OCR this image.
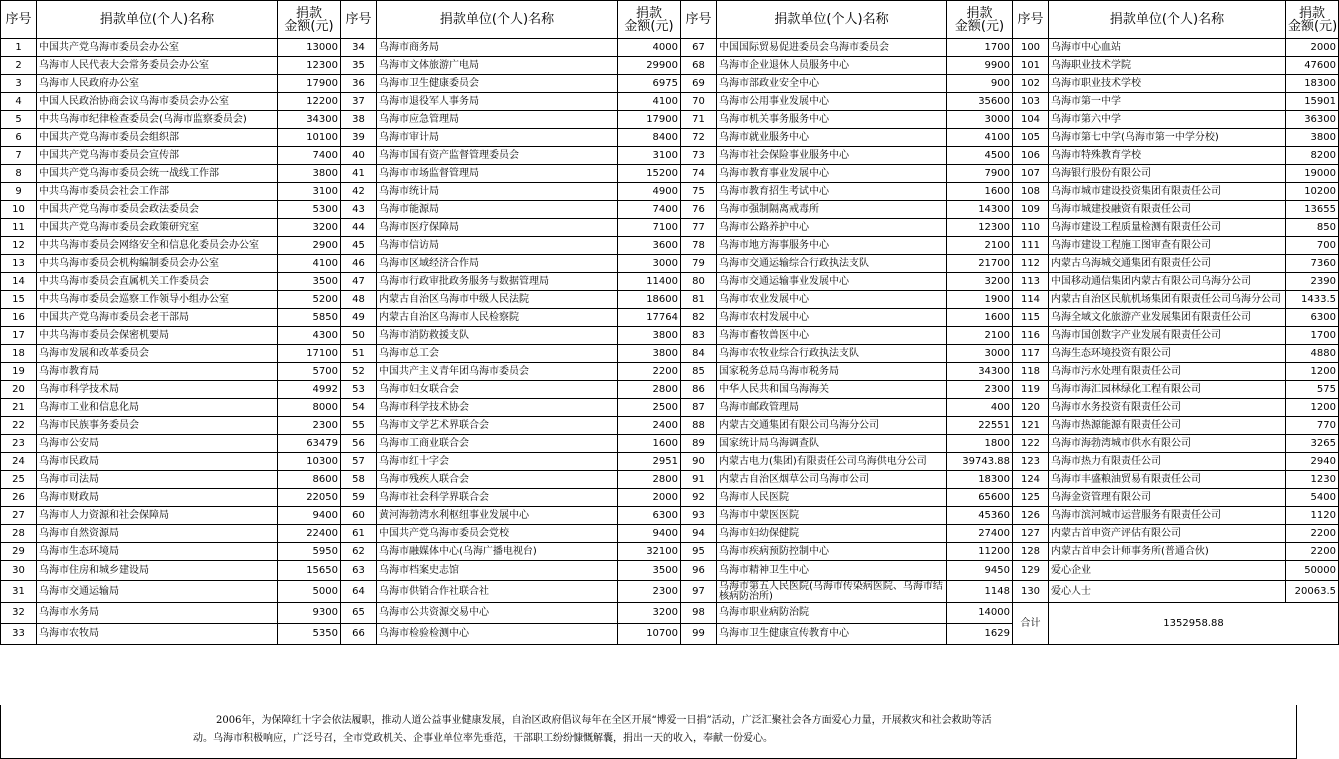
序号	捐款单位(个人)名称	捐款
金额(元)	序号	捐款单位(个人)名称	捐款
金额(元)	序号	捐款单位(个人)名称	捐款
金额(元)	序号	捐款单位(个人)名称	捐款
金额(元)

1	中国共产党乌海市委员会办公室	13000	34	乌海市商务局	4000	67	中国国际贸易促进委员会乌海市委员会	1700	100	乌海市中心血站	2000
2	乌海市人民代表大会常务委员会办公室	12300	35	乌海市文体旅游广电局	29900	68	乌海市企业退休人员服务中心	9900	101	乌海职业技术学院	47600
3	乌海市人民政府办公室	17900	36	乌海市卫生健康委员会	6975	69	乌海市部政业安全中心	900	102	乌海市职业技术学校	18300
4	中国人民政治协商会议乌海市委员会办公室	12200	37	乌海市退役军人事务局	4100	70	乌海市公用事业发展中心	35600	103	乌海市第一中学	15901
5	中共乌海市纪律检查委员会(乌海市监察委员会)	34300	38	乌海市应急管理局	17900	71	乌海市机关事务服务中心	3000	104	乌海市第六中学	36300
6	中国共产党乌海市委员会组织部	10100	39	乌海市审计局	8400	72	乌海市就业服务中心	4100	105	乌海市第七中学(乌海市第一中学分校)	3800
7	中国共产党乌海市委员会宣传部	7400	40	乌海市国有资产监督管理委员会	3100	73	乌海市社会保险事业服务中心	4500	106	乌海市特殊教育学校	8200
8	中国共产党乌海市委员会统一战线工作部	3800	41	乌海市市场监督管理局	15200	74	乌海市教育事业发展中心	7900	107	乌海银行股份有限公司	19000
9	中共乌海市委员会社会工作部	3100	42	乌海市统计局	4900	75	乌海市教育招生考试中心	1600	108	乌海市城市建设投资集团有限责任公司	10200
10	中国共产党乌海市委员会政法委员会	5300	43	乌海市能源局	7400	76	乌海市强制隔离戒毒所	14300	109	乌海市城建投融资有限责任公司	13655
11	中国共产党乌海市委员会政策研究室	3200	44	乌海市医疗保障局	7100	77	乌海市公路养护中心	12300	110	乌海市建设工程质量检测有限责任公司	850
12	中共乌海市委员会网络安全和信息化委员会办公室	2900	45	乌海市信访局	3600	78	乌海市地方海事服务中心	2100	111	乌海市建设工程施工图审查有限公司	700
13	中共乌海市委员会机构编制委员会办公室	4100	46	乌海市区域经济合作局	3000	79	乌海市交通运输综合行政执法支队	21700	112	内蒙古乌海城交通集团有限责任公司	7360
14	中共乌海市委员会直属机关工作委员会	3500	47	乌海市行政审批政务服务与数据管理局	11400	80	乌海市交通运输事业发展中心	3200	113	中国移动通信集团内蒙古有限公司乌海分公司	2390
15	中共乌海市委员会巡察工作领导小组办公室	5200	48	内蒙古自治区乌海市中级人民法院	18600	81	乌海市农业发展中心	1900	114	内蒙古自治区民航机场集团有限责任公司乌海分公司	1433.5
16	中国共产党乌海市委员会老干部局	5850	49	内蒙古自治区乌海市人民检察院	17764	82	乌海市农村发展中心	1600	115	乌海全域文化旅游产业发展集团有限责任公司	6300
17	中共乌海市委员会保密机要局	4300	50	乌海市消防救援支队	3800	83	乌海市畜牧兽医中心	2100	116	乌海市国创数字产业发展有限责任公司	1700
18	乌海市发展和改革委员会	17100	51	乌海市总工会	3800	84	乌海市农牧业综合行政执法支队	3000	117	乌海生态环境投资有限公司	4880
19	乌海市教育局	5700	52	中国共产主义青年团乌海市委员会	2200	85	国家税务总局乌海市税务局	34300	118	乌海市污水处理有限责任公司	1200
20	乌海市科学技术局	4992	53	乌海市妇女联合会	2800	86	中华人民共和国乌海海关	2300	119	乌海市海汇园林绿化工程有限公司	575
21	乌海市工业和信息化局	8000	54	乌海市科学技术协会	2500	87	乌海市邮政管理局	400	120	乌海市水务投资有限责任公司	1200
22	乌海市民族事务委员会	2300	55	乌海市文学艺术界联合会	2400	88	内蒙古交通集团有限公司乌海分公司	22551	121	乌海市热源能源有限责任公司	770
23	乌海市公安局	63479	56	乌海市工商业联合会	1600	89	国家统计局乌海调查队	1800	122	乌海市海勃湾城市供水有限公司	3265
24	乌海市民政局	10300	57	乌海市红十字会	2951	90	内蒙古电力(集团)有限责任公司乌海供电分公司	39743.88	123	乌海市热力有限责任公司	2940
25	乌海市司法局	8600	58	乌海市残疾人联合会	2800	91	内蒙古自治区烟草公司乌海市公司	18300	124	乌海市丰盛粮油贸易有限责任公司	1230
26	乌海市财政局	22050	59	乌海市社会科学界联合会	2000	92	乌海市人民医院	65600	125	乌海金资管理有限公司	5400
27	乌海市人力资源和社会保障局	9400	60	黄河海勃湾水利枢纽事业发展中心	6300	93	乌海市中蒙医医院	45360	126	乌海市滨河城市运营服务有限责任公司	1120
28	乌海市自然资源局	22400	61	中国共产党乌海市委员会党校	9400	94	乌海市妇幼保健院	27400	127	内蒙古首申资产评估有限公司	2200
29	乌海市生态环境局	5950	62	乌海市融媒体中心(乌海广播电视台)	32100	95	乌海市疾病预防控制中心	11200	128	内蒙古首申会计师事务所(普通合伙)	2200
30	乌海市住房和城乡建设局	15650	63	乌海市档案史志馆	3500	96	乌海市精神卫生中心	9450	129	爱心企业	50000
31	乌海市交通运输局	5000	64	乌海市供销合作社联合社	2300	97	乌海市第五人民医院(乌海市传染病医院、乌海市结核病防治所)	1148	130	爱心人士	20063.5
32	乌海市水务局	9300	65	乌海市公共资源交易中心	3200	98	乌海市职业病防治院	14000	合计	1352958.88	
33	乌海市农牧局	5350	66	乌海市检验检测中心	10700	99	乌海市卫生健康宣传教育中心	1629			

2006年，为保障红十字会依法履职，推动人道公益事业健康发展，自治区政府倡议每年在全区开展“博爱一日捐”活动，广泛汇聚社会各方面爱心力量，开展救灾和社会救助等活

动。乌海市积极响应，广泛号召，全市党政机关、企事业单位率先垂范，干部职工纷纷慷慨解囊，捐出一天的收入，奉献一份爱心。
